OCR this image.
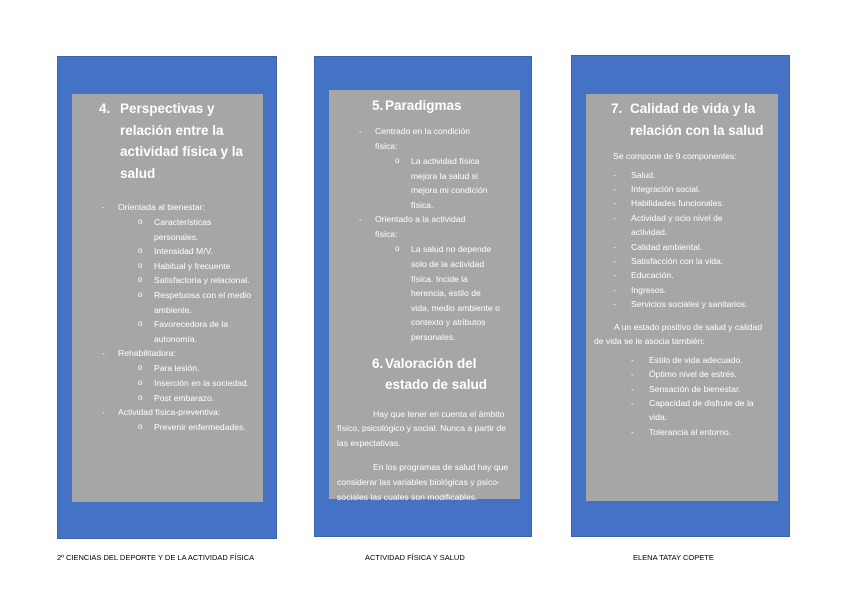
4. Perspectivas y relación entre la actividad física y la salud
- Orientada al bienestar:
o Características personales.
o Intensidad M/V.
o Habitual y frecuente
o Satisfactoria y relacional.
o Respetuosa con el medio ambiente.
o Favorecedora de la autonomía.
- Rehabilitadora:
o Para lesión.
o Inserción en la sociedad.
o Post embarazo.
- Actividad física-preventiva:
o Prevenir enfermedades.
5. Paradigmas
- Centrado en la condición física:
o La actividad física mejora la salud si mejora mi condición física.
- Orientado a la actividad física:
o La salud no depende solo de la actividad física. Incide la herencia, estilo de vida, medio ambiente o contexto y atributos personales.
6. Valoración del estado de salud

Hay que tener en cuenta el ámbito físico, psicológico y social. Nunca a partir de las expectativas.

En los programas de salud hay que considerar las variables biológicas y psico-sociales las cuales son modificables.

7. Calidad de vida y la relación con la salud

Se compone de 9 componentes:

- Salud.
- Integración social.
- Habilidades funcionales.
- Actividad y ocio nivel de actividad.
- Calidad ambiental.
- Satisfacción con la vida.
- Educación.
- Ingresos.
- Servicios sociales y sanitarios.

A un estado positivo de salud y calidad de vida se le asocia también:

- Estilo de vida adecuado.
- Óptimo nivel de estrés.
- Sensación de bienestar.
- Capacidad de disfrute de la vida.
- Tolerancia al entorno.
2º CIENCIAS DEL DEPORTE Y DE LA ACTIVIDAD FÍSICA	ACTIVIDAD FÍSICA Y SALUD	ELENA TATAY COPETE
